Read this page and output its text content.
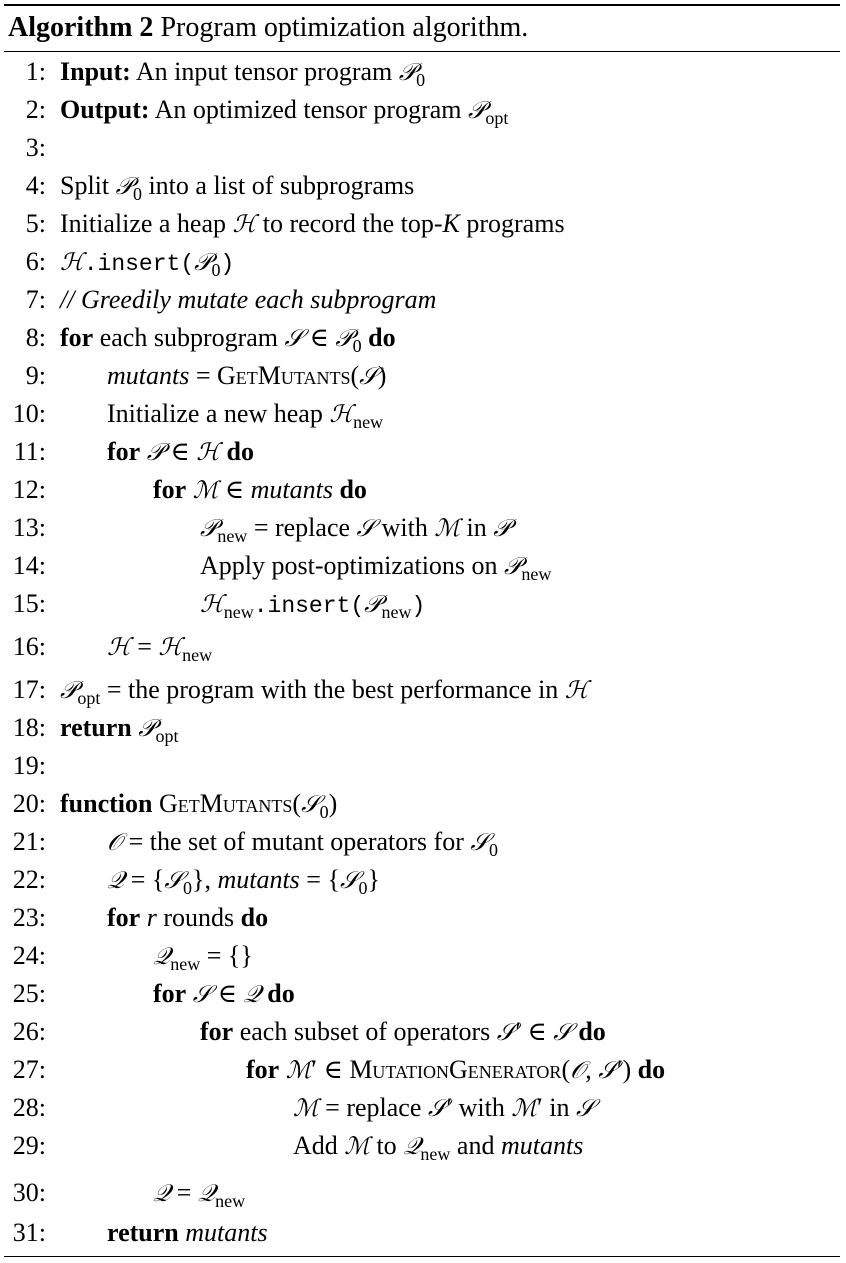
Algorithm 2 Program optimization algorithm.
1: Input: An input tensor program 𝒫$_0$
2: Output: An optimized tensor program 𝒫$_{opt}$
3:
4: Split 𝒫$_0$ into a list of subprograms
5: Initialize a heap ℋ to record the top-K programs
6: ℋ.insert(𝒫$_0$)
7: // Greedily mutate each subprogram
8: for each subprogram 𝒮 ∈ 𝒫$_0$ do
9: mutants = GetMutants(𝒮)
10: Initialize a new heap ℋ$_{new}$
11: for 𝒫 ∈ ℋ do
12:	for ℳ ∈ mutants do
13:	𝒫$_{new}$ = replace 𝒮 with ℳ in 𝒫
14:	Apply post-optimizations on 𝒫$_{new}$
15:	ℋ$_{new}$.insert(𝒫$_{new}$)
16:	ℋ = ℋ$_{new}$
17: 𝒫$_{opt}$ = the program with the best performance in ℋ
18: return 𝒫$_{opt}$
19:
20: function GetMutants(𝒮$_0$)
21:	𝒪 = the set of mutant operators for 𝒮$_0$
22:	𝒬 = {𝒮$_0$}, mutants = {𝒮$_0$}
23: for r rounds do
24:	𝒬$_{new}$ = {}
25:	for 𝒮 ∈ 𝒬 do
26:	for each subset of operators 𝒮′ ∈ 𝒮 do
27:	for ℳ′ ∈ MutationGenerator(𝒪, 𝒮′) do
28:	ℳ = replace 𝒮′ with ℳ′ in 𝒮
29:	Add ℳ to 𝒬$_{new}$ and mutants
30:	𝒬 = 𝒬$_{new}$
31: return mutants
